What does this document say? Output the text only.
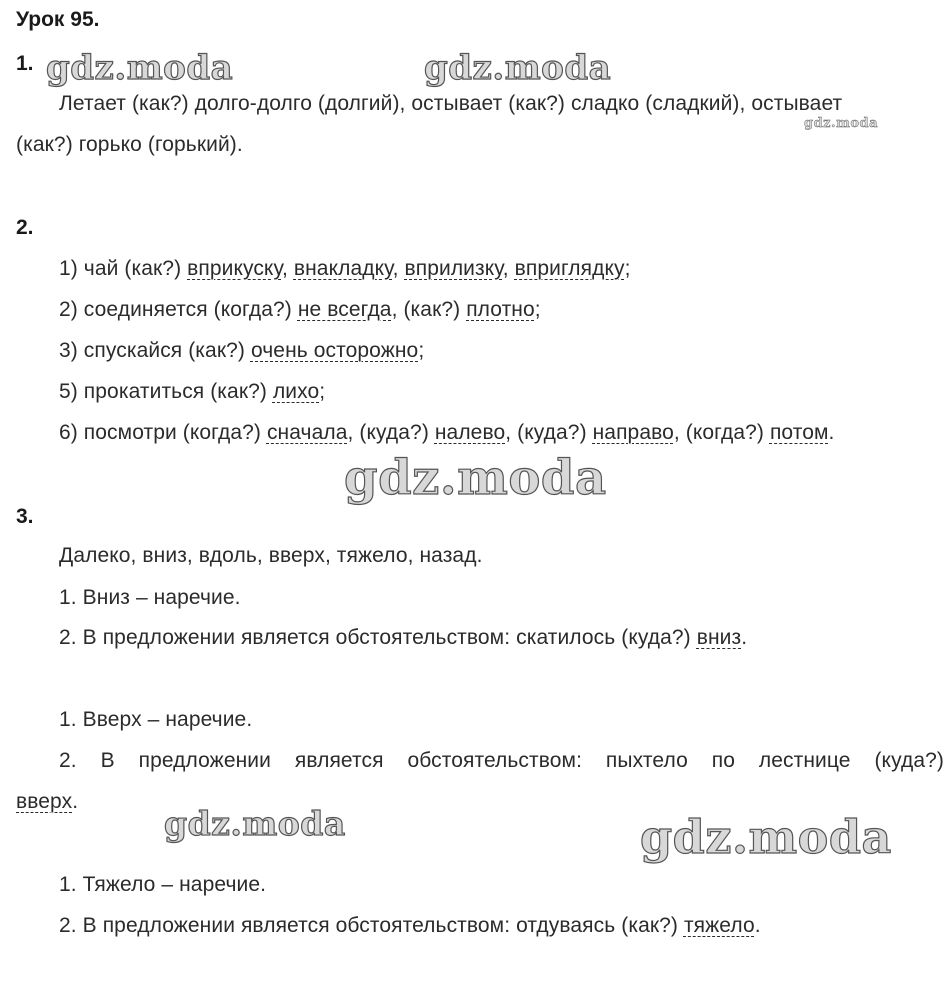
Урок 95.
1. gdz.moda	gdz.moda
Летает (как?) долго-долго (долгий), остывает (как?) сладко (сладкий), остывает
gdz.moda
(как?) горько (горький).
2.
1) чай (как?) вприкуску, внакладку, вприлизку, вприглядку;
2) соединяется (когда?) не всегда, (как?) плотно;
3) спускайся (как?) очень осторожно;
5) прокатиться (как?) лихо;
6) посмотри (когда?) сначала, (куда?) налево, (куда?) направо, (когда?) потом.
gdz.moda
3.
Далеко, вниз, вдоль, вверх, тяжело, назад.
1. Вниз – наречие.
2. В предложении является обстоятельством: скатилось (куда?) вниз.
1. Вверх – наречие.
2. В предложении является обстоятельством: пыхтело по лестнице (куда?)
вверх.
gdz.moda	gdz.moda
1. Тяжело – наречие.
2. В предложении является обстоятельством: отдуваясь (как?) тяжело.
